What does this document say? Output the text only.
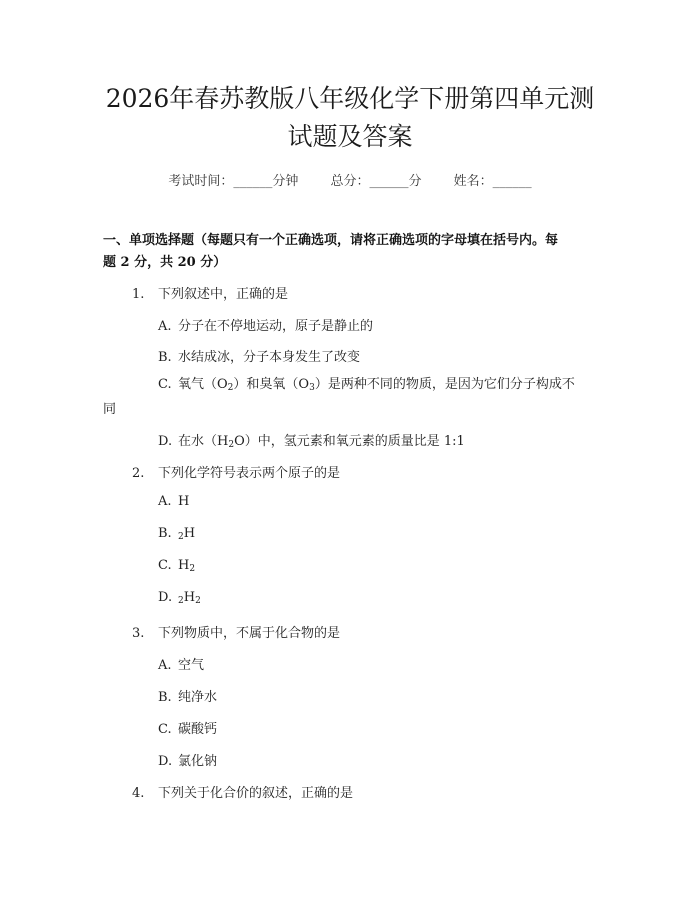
2026年春苏教版八年级化学下册第四单元测
试题及答案
考试时间：______分钟 总分：______分 姓名：______
一、单项选择题（每题只有一个正确选项，请将正确选项的字母填在括号内。每
题 2 分，共 20 分）
1. 下列叙述中，正确的是
A. 分子在不停地运动，原子是静止的
B. 水结成冰，分子本身发生了改变
C. 氧气$(O_2)$和臭氧$(O_3)$是两种不同的物质，是因为它们分子构成不
同
D. 在水$(H_2O)$中，氢元素和氧元素的质量比是 1:1
2. 下列化学符号表示两个原子的是
A. H
B. 2H
C. $H_2$
D. $2H_2$
3. 下列物质中，不属于化合物的是
A. 空气
B. 纯净水
C. 碳酸钙
D. 氯化钠
4. 下列关于化合价的叙述，正确的是
